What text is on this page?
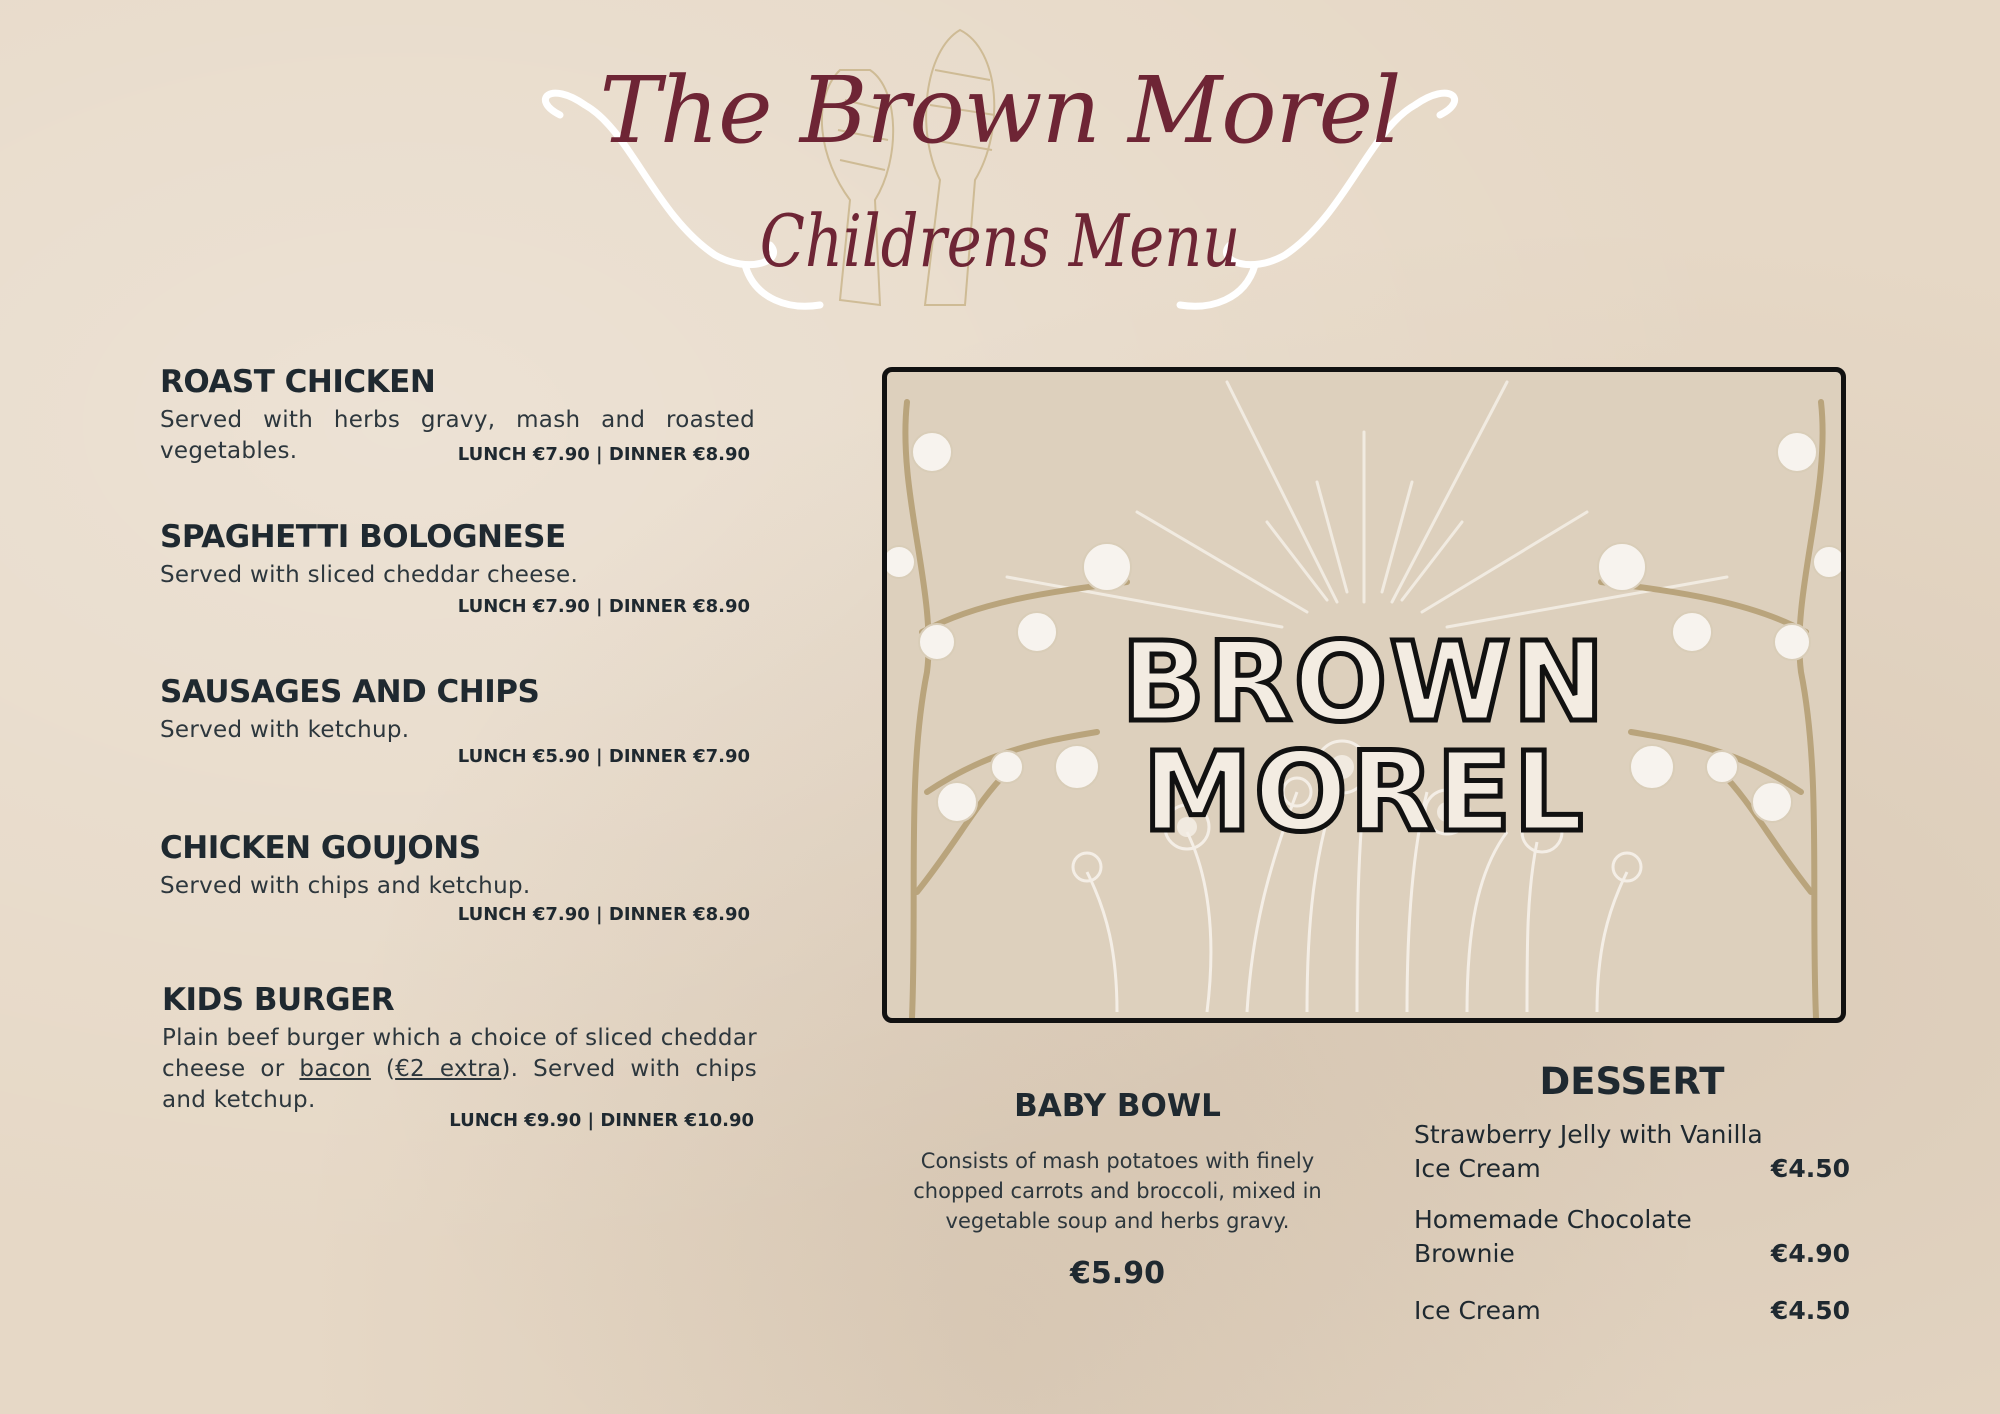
The Brown Morel
Childrens Menu
ROAST CHICKEN
Served with herbs gravy, mash and roasted vegetables.	LUNCH €7.90 | DINNER €8.90
SPAGHETTI BOLOGNESE
Served with sliced cheddar cheese.
LUNCH €7.90 | DINNER €8.90
SAUSAGES AND CHIPS
Served with ketchup.
LUNCH €5.90 | DINNER €7.90
CHICKEN GOUJONS
Served with chips and ketchup.
LUNCH €7.90 | DINNER €8.90
KIDS BURGER
Plain beef burger which a choice of sliced cheddar cheese or bacon (€2 extra). Served with chips and ketchup.
LUNCH €9.90 | DINNER €10.90
BROWN MOREL
BABY BOWL
Consists of mash potatoes with finely chopped carrots and broccoli, mixed in vegetable soup and herbs gravy.
€5.90
DESSERT
Strawberry Jelly with Vanilla Ice Cream	€4.50
Homemade Chocolate Brownie	€4.90
Ice Cream	€4.50
